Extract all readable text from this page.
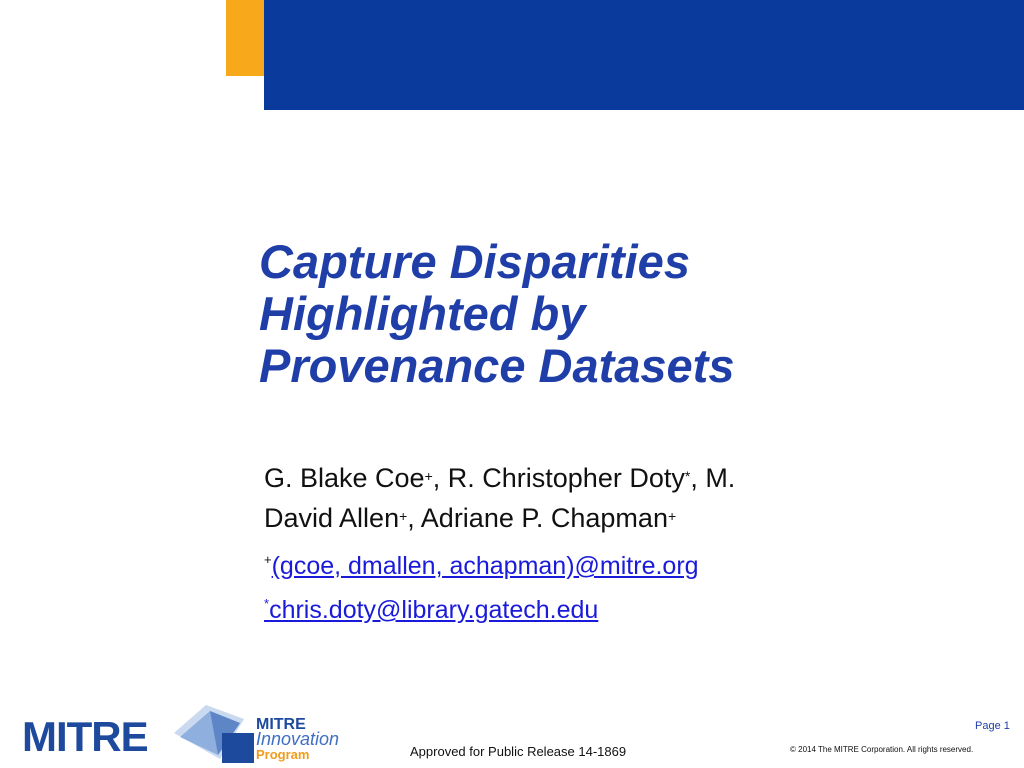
Capture Disparities
Highlighted by
Provenance Datasets
G. Blake Coe+, R. Christopher Doty*, M.
David Allen+, Adriane P. Chapman+
+(gcoe, dmallen, achapman)@mitre.org
*chris.doty@library.gatech.edu
MITRE	MITRE
Innovation
Program	Approved for Public Release 14-1869
Page 1
© 2014 The MITRE Corporation. All rights reserved.
